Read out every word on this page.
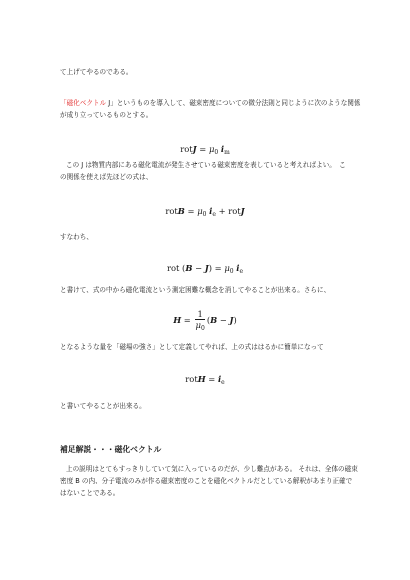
て上げてやるのである。
「磁化ベクトル J」というものを導入して、磁束密度についての微分法則と同じように次のような関係
が成り立っているものとする。
rotJ = $\mu_0$ $i_m$
この J は物質内部にある磁化電流が発生させている磁束密度を表していると考えればよい。　こ
の関係を使えば先ほどの式は、
rotB = $\mu_0$ $i_e$ + rotJ
すなわち、
rot $(B - J) = \mu_0$ $i_e$
と書けて、式の中から磁化電流という測定困難な概念を消してやることが出来る。さらに、
$H = \frac{1}{\mu_0} (B - J)$
となるような量を「磁場の強さ」として定義してやれば、上の式ははるかに簡単になって
rotH = $i_e$
と書いてやることが出来る。
補足解説・・・磁化ベクトル
上の説明はとてもすっきりしていて気に入っているのだが、少し難点がある。 それは、全体の磁束
密度 B の内、分子電流のみが作る磁束密度のことを磁化ベクトルだとしている解釈があまり正確で
はないことである。
